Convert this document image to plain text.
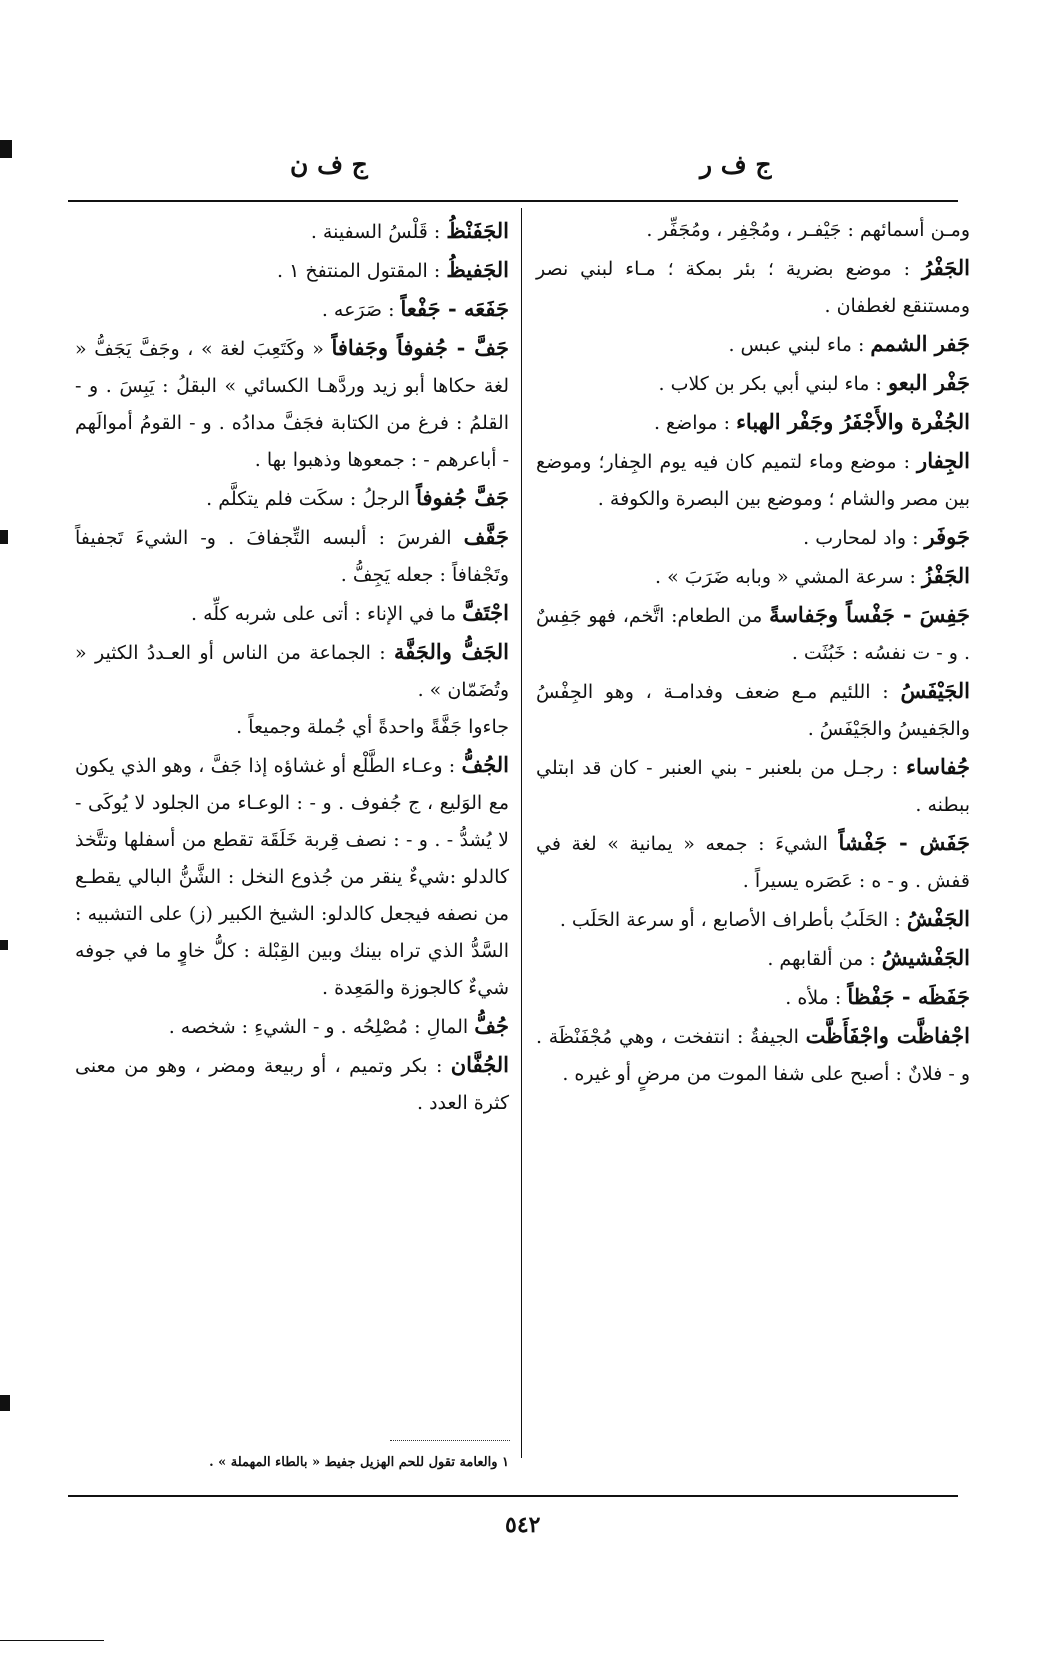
ج ف ر
ج ف ن

ومـن أسمائهم : جَيْفـر ، ومُجْفِر ، ومُجَفِّر .

الجَفْرُ : موضع بضرية ؛ بئر بمكة ؛ مـاء لبني نصر ومستنقع لغطفان .

جَفر الشمم : ماء لبني عبس .

جَفْر البعو : ماء لبني أبي بكر بن كلاب .

الجُفْرة والأَجْفَرُ وجَفْر الهباء : مواضع .

الجِفار : موضع وماء لتميم كان فيه يوم الجِفار؛ وموضع بين مصر والشام ؛ وموضع بين البصرة والكوفة .

جَوفَر : واد لمحارب .

الجَفْزُ : سرعة المشي « وبابه ضَرَبَ » .

جَفِسَ - جَفْساً وجَفاسةً من الطعام: اتَّخم، فهو جَفِسٌ . و - ت نفسُه : خَبُثَت .

الجَيْفَسُ : اللئيم مـع ضعف وفدامـة ، وهو الجِفْسُ والجَفيسُ والجَيْفَسُ .

جُفاساء : رجـل من بلعنبر - بني العنبر - كان قد ابتلي ببطنه .

جَفَش - جَفْشاً الشيءَ : جمعه « يمانية » لغة في قفش . و - ه : عَصَره يسيراً .

الجَفْشُ : الحَلَبُ بأطراف الأصابع ، أو سرعة الحَلَب .

الجَفْشيشُ : من ألقابهم .

جَفَظَه - جَفْظاً : ملأه .

اجْفاظَّت واجْفَأَظَّت الجيفةُ : انتفخت ، وهي مُجْفَنْظَة . و - فلانٌ : أصبح على شفا الموت من مرضٍ أو غيره .

الجَفَنْظُ : قَلْسُ السفينة .

الجَفيظُ : المقتول المنتفخ ١ .

جَفَعَه - جَفْعاً : صَرَعه .

جَفَّ - جُفوفاً وجَفافاً « وكَتَعِبَ لغة » ، وجَفَّ يَجَفُّ « لغة حكاها أبو زيد وردَّهـا الكسائي » البقلُ : يَبِسَ . و - القلمُ : فرغ من الكتابة فجَفَّ مدادُه . و - القومُ أموالَهم - أباعرهم - : جمعوها وذهبوا بها .

جَفَّ جُفوفاً الرجلُ : سكَت فلم يتكلَّم .

جَفَّف الفرسَ : ألبسه التِّجفافَ . و- الشيءَ تَجفيفاً وتَجْفافاً : جعله يَجِفُّ .

اجْتَفَّ ما في الإناء : أتى على شربه كلِّه .

الجَفُّ والجَفَّة : الجماعة من الناس أو العـددُ الكثير « وتُضَمّان » .

جاءوا جَفَّةً واحدةً أي جُملة وجميعاً .

الجُفُّ : وعـاء الطَّلْع أو غشاؤه إذا جَفَّ ، وهو الذي يكون مع الوَليع ، ج جُفوف . و - : الوعـاء من الجلود لا يُوكَى - لا يُشدُّ - . و - : نصف قِربة خَلَقَة تقطع من أسفلها وتتَّخذ كالدلو :شيءٌ ينقر من جُذوع النخل : الشَّنُّ البالي يقطـع من نصفه فيجعل كالدلو: الشيخ الكبير (ز) على التشبيه : السَّدُّ الذي تراه بينك وبين القِبْلة : كلُّ خاوٍ ما في جوفه شيءٌ كالجوزة والمَعِدة .

جُفُّ المالِ : مُصْلِحُه . و - الشيءِ : شخصه .

الجُفَّان : بكر وتميم ، أو ربيعة ومضر ، وهو من معنى كثرة العدد .

١ والعامة تقول للحم الهزيل جفيط « بالطاء المهملة » .
٥٤٢
